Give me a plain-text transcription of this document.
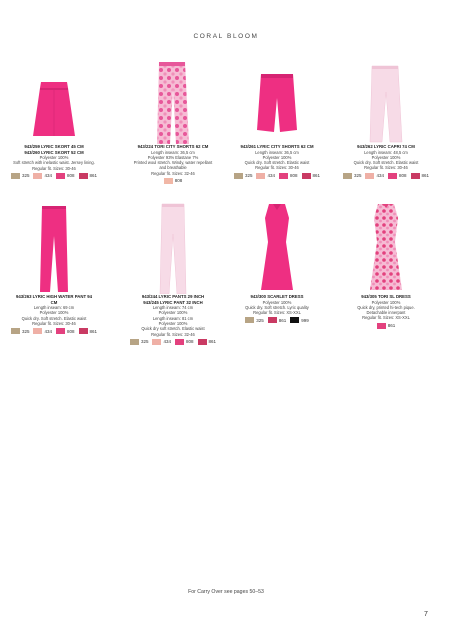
CORAL BLOOM
943/259 LYRIC SKORT 45 CM
943/260 LYRIC SKORT 52 CM
Polyester 100%
Soft stretch with inelastic waist. Jersey lining.
Regular fit. Sizes: 30-46
325	434	808	861
943/224 TORI CITY SHORTS 62 CM
Length inseam: 36,5 cm
Polyester 93% Elastane 7%
Printed woul stretch. Windy, water repellant
and breathable
Regular fit. Sizes: 32-46
808
943/261 LYRIC CITY SHORTS 62 CM
Length inseam: 36,5 cm
Polyester 100%
Quick dry. Soft stretch. Elastic waist
Regular fit. Sizes: 30-46
325	434	808	861
943/262 LYRIC CAPRI 74 CM
Length inseam: 48,5 cm
Polyester 100%
Quick dry. Soft stretch. Elastic waist
Regular fit. Sizes: 30-46
325	434	808	861
943/263 LYRIC HIGH WATER PANT 94
CM
Length inseam: 69 cm
Polyester 100%
Quick dry. Soft stretch. Elastic waist
Regular fit. Sizes: 30-46
325	434	808	861
943/244 LYRIC PANTS 29 INCH
943/245 LYRIC PANT 32 INCH
Length inseam: 74 cm
Polyester 100%
Length inseam: 81 cm
Polyester 100%
Quick dry soft stretch. Elastic waist
Regular fit. Sizes: 32-46
325	434	808	861
943/300 SCARLET DRESS
Polyester 100%
Quick dry. Soft stretch. Lyric quality
Regular fit. Sizes: XS-XXL
325	861	999
943/305 TORI SL DRESS
Polyester 100%
Quick dry, printed hi-tech pique.
Detachable innerpant
Regular fit. Sizes: XS-XXL
861
For Carry Over see pages 50–53
7
